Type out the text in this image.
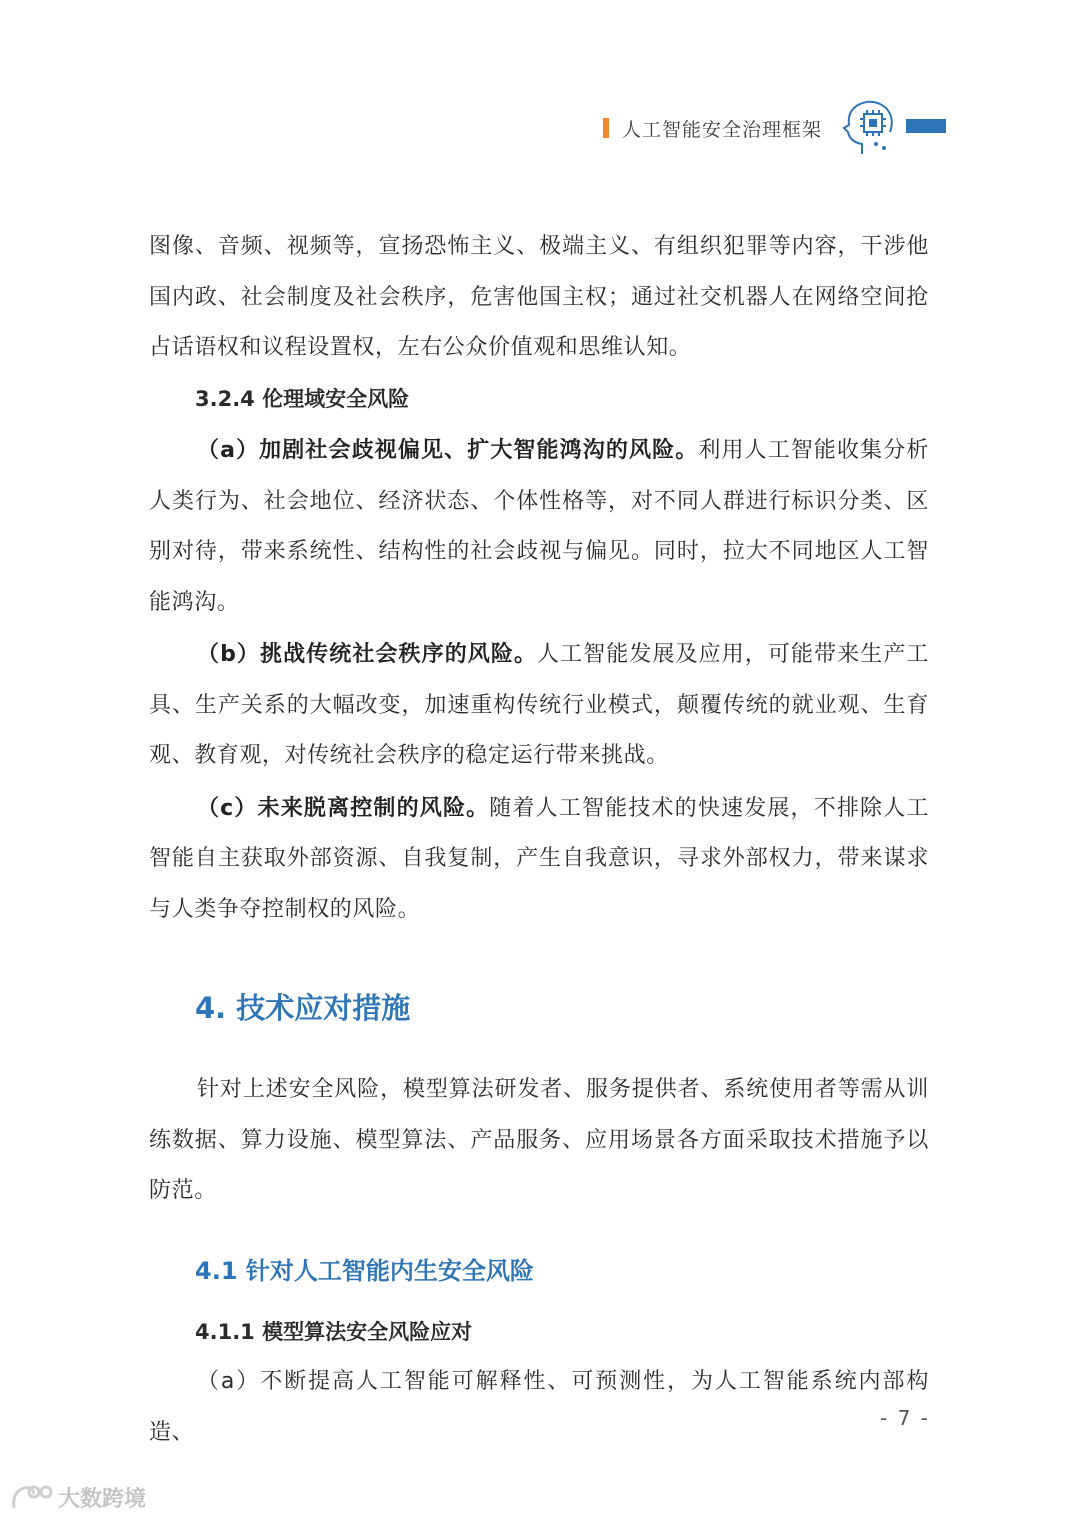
人工智能安全治理框架

图像、音频、视频等，宣扬恐怖主义、极端主义、有组织犯罪等内容，干涉他国内政、社会制度及社会秩序，危害他国主权；通过社交机器人在网络空间抢占话语权和议程设置权，左右公众价值观和思维认知。

3.2.4 伦理域安全风险

（a）加剧社会歧视偏见、扩大智能鸿沟的风险。利用人工智能收集分析人类行为、社会地位、经济状态、个体性格等，对不同人群进行标识分类、区别对待，带来系统性、结构性的社会歧视与偏见。同时，拉大不同地区人工智能鸿沟。

（b）挑战传统社会秩序的风险。人工智能发展及应用，可能带来生产工具、生产关系的大幅改变，加速重构传统行业模式，颠覆传统的就业观、生育观、教育观，对传统社会秩序的稳定运行带来挑战。

（c）未来脱离控制的风险。随着人工智能技术的快速发展，不排除人工智能自主获取外部资源、自我复制，产生自我意识，寻求外部权力，带来谋求与人类争夺控制权的风险。

4. 技术应对措施

针对上述安全风险，模型算法研发者、服务提供者、系统使用者等需从训练数据、算力设施、模型算法、产品服务、应用场景各方面采取技术措施予以防范。

4.1 针对人工智能内生安全风险

4.1.1 模型算法安全风险应对

（a）不断提高人工智能可解释性、可预测性，为人工智能系统内部构造、

- 7 -
大数跨境
